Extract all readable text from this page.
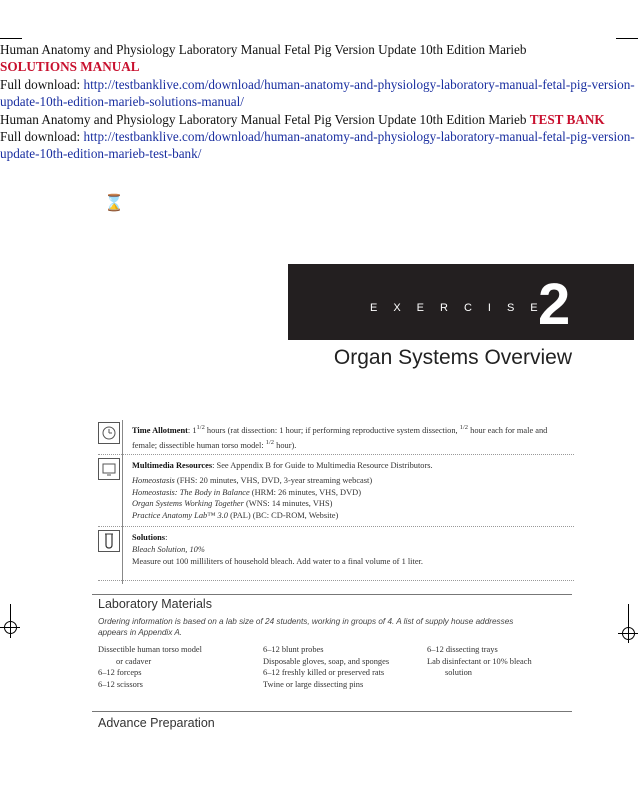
Human Anatomy and Physiology Laboratory Manual Fetal Pig Version Update 10th Edition Marieb
SOLUTIONS MANUAL
Full download: http://testbanklive.com/download/human-anatomy-and-physiology-laboratory-manual-fetal-pig-version-update-10th-edition-marieb-solutions-manual/
Human Anatomy and Physiology Laboratory Manual Fetal Pig Version Update 10th Edition Marieb TEST BANK
Full download: http://testbanklive.com/download/human-anatomy-and-physiology-laboratory-manual-fetal-pig-version-update-10th-edition-marieb-test-bank/
⌛
EXERCISE
2
Organ Systems Overview
Time Allotment: $1^{1/2}$ hours (rat dissection: 1 hour; if performing reproductive system dissection, $^{1/2}$ hour each for male and female; dissectible human torso model: $^{1/2}$ hour).
Multimedia Resources: See Appendix B for Guide to Multimedia Resource Distributors.
Homeostasis (FHS: 20 minutes, VHS, DVD, 3-year streaming webcast)
Homeostasis: The Body in Balance (HRM: 26 minutes, VHS, DVD)
Organ Systems Working Together (WNS: 14 minutes, VHS)
Practice Anatomy Lab™ 3.0 (PAL) (BC: CD-ROM, Website)
Solutions:
Bleach Solution, 10%
Measure out 100 milliliters of household bleach. Add water to a final volume of 1 liter.
Laboratory Materials
Ordering information is based on a lab size of 24 students, working in groups of 4. A list of supply house addresses appears in Appendix A.
Dissectible human torso model
or cadaver
6–12 forceps
6–12 scissors
6–12 blunt probes
Disposable gloves, soap, and sponges
6–12 freshly killed or preserved rats
Twine or large dissecting pins
6–12 dissecting trays
Lab disinfectant or 10% bleach
solution
Advance Preparation
